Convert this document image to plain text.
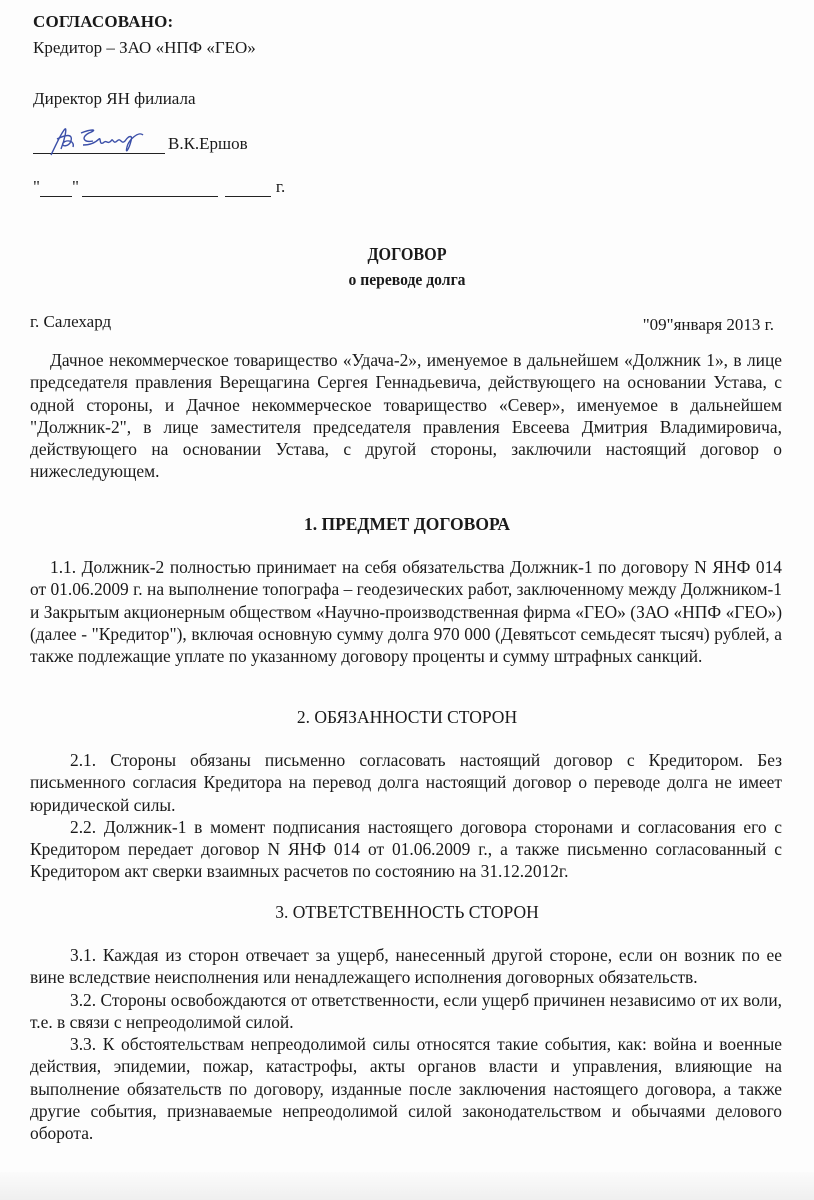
СОГЛАСОВАНО:
Кредитор – ЗАО «НПФ «ГЕО»
Директор ЯН филиала
В.К.Ершов
" "	г.
ДОГОВОР
о переводе долга
г. Салехард	"09"января 2013 г.

Дачное некоммерческое товарищество «Удача-2», именуемое в дальнейшем «Должник 1», в лице председателя правления Верещагина Сергея Геннадьевича, действующего на основании Устава, с одной стороны, и Дачное некоммерческое товарищество «Север», именуемое в дальнейшем "Должник-2", в лице заместителя председателя правления Евсеева Дмитрия Владимировича, действующего на основании Устава, с другой стороны, заключили настоящий договор о нижеследующем.

1. ПРЕДМЕТ ДОГОВОРА

1.1. Должник-2 полностью принимает на себя обязательства Должник-1 по договору N ЯНФ 014 от 01.06.2009 г. на выполнение топографа – геодезических работ, заключенному между Должником-1 и Закрытым акционерным обществом «Научно-производственная фирма «ГЕО» (ЗАО «НПФ «ГЕО») (далее - "Кредитор"), включая основную сумму долга 970 000 (Девятьсот семьдесят тысяч) рублей, а также подлежащие уплате по указанному договору проценты и сумму штрафных санкций.

2. ОБЯЗАННОСТИ СТОРОН

2.1. Стороны обязаны письменно согласовать настоящий договор с Кредитором. Без письменного согласия Кредитора на перевод долга настоящий договор о переводе долга не имеет юридической силы.

2.2. Должник-1 в момент подписания настоящего договора сторонами и согласования его с Кредитором передает договор N ЯНФ 014 от 01.06.2009 г., а также письменно согласованный с Кредитором акт сверки взаимных расчетов по состоянию на 31.12.2012г.

3. ОТВЕТСТВЕННОСТЬ СТОРОН

3.1. Каждая из сторон отвечает за ущерб, нанесенный другой стороне, если он возник по ее вине вследствие неисполнения или ненадлежащего исполнения договорных обязательств.

3.2. Стороны освобождаются от ответственности, если ущерб причинен независимо от их воли, т.е. в связи с непреодолимой силой.

3.3. К обстоятельствам непреодолимой силы относятся такие события, как: война и военные действия, эпидемии, пожар, катастрофы, акты органов власти и управления, влияющие на выполнение обязательств по договору, изданные после заключения настоящего договора, а также другие события, признаваемые непреодолимой силой законодательством и обычаями делового оборота.
